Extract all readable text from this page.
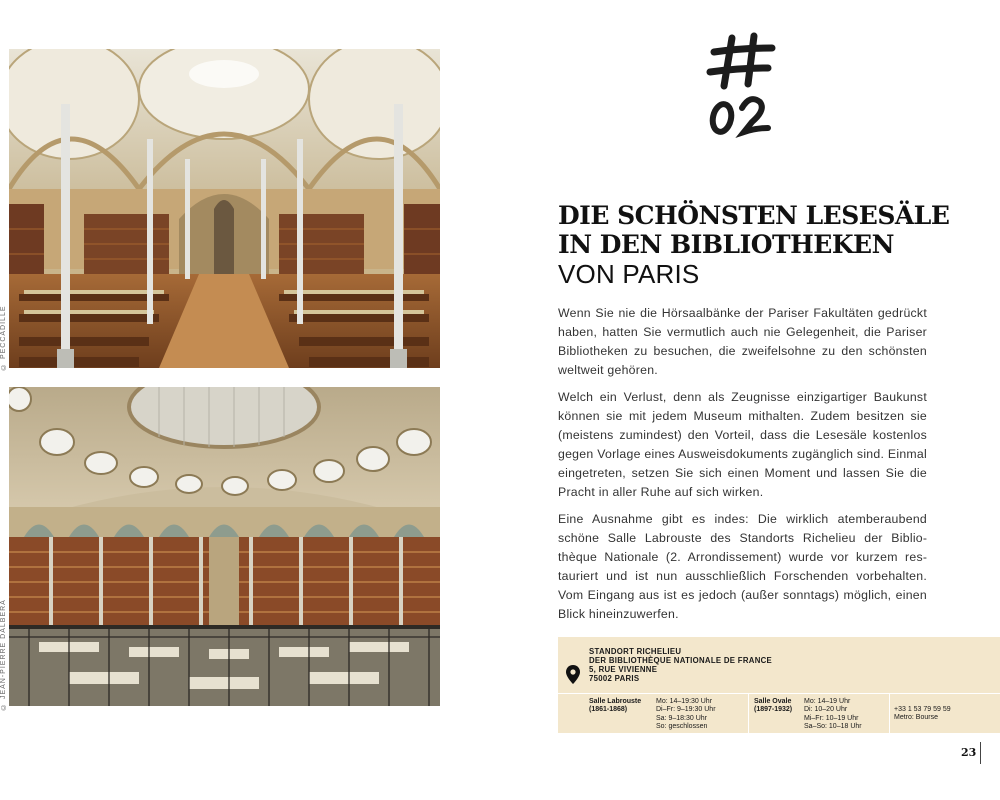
© PECCADILLE
© JEAN-PIERRE DALBÉRA
DIE SCHÖNSTEN LESESÄLE
IN DEN BIBLIOTHEKEN
VON PARIS

Wenn Sie nie die Hörsaalbänke der Pariser Fakultäten gedrückt haben, hatten Sie vermutlich auch nie Gelegenheit, die Pariser Bibliotheken zu besuchen, die zweifelsohne zu den schönsten weltweit gehören.

Welch ein Verlust, denn als Zeugnisse einzigartiger Baukunst können sie mit jedem Museum mithalten. Zudem besitzen sie (meistens zumindest) den Vorteil, dass die Lesesäle kostenlos gegen Vorlage eines Ausweisdokuments zugänglich sind. Einmal eingetreten, setzen Sie sich einen Moment und lassen Sie die Pracht in aller Ruhe auf sich wirken.

Eine Ausnahme gibt es indes: Die wirklich atemberaubend schöne Salle Labrouste des Standorts Richelieu der Bibliothèque Nationale (2. Arrondissement) wurde vor kurzem restauriert und ist nun ausschließlich Forschenden vorbehalten. Vom Eingang aus ist es jedoch (außer sonntags) möglich, einen Blick hineinzuwerfen.

STANDORT RICHELIEU
DER BIBLIOTHÈQUE NATIONALE DE FRANCE
5, RUE VIVIENNE
75002 PARIS
Salle Labrouste
(1861-1868)
Mo: 14–19:30 Uhr
Di–Fr: 9–19:30 Uhr
Sa: 9–18:30 Uhr
So: geschlossen
Salle Ovale
(1897-1932)
Mo: 14–19 Uhr
Di: 10–20 Uhr
Mi–Fr: 10–19 Uhr
Sa–So: 10–18 Uhr
+33 1 53 79 59 59
Metro: Bourse
23
